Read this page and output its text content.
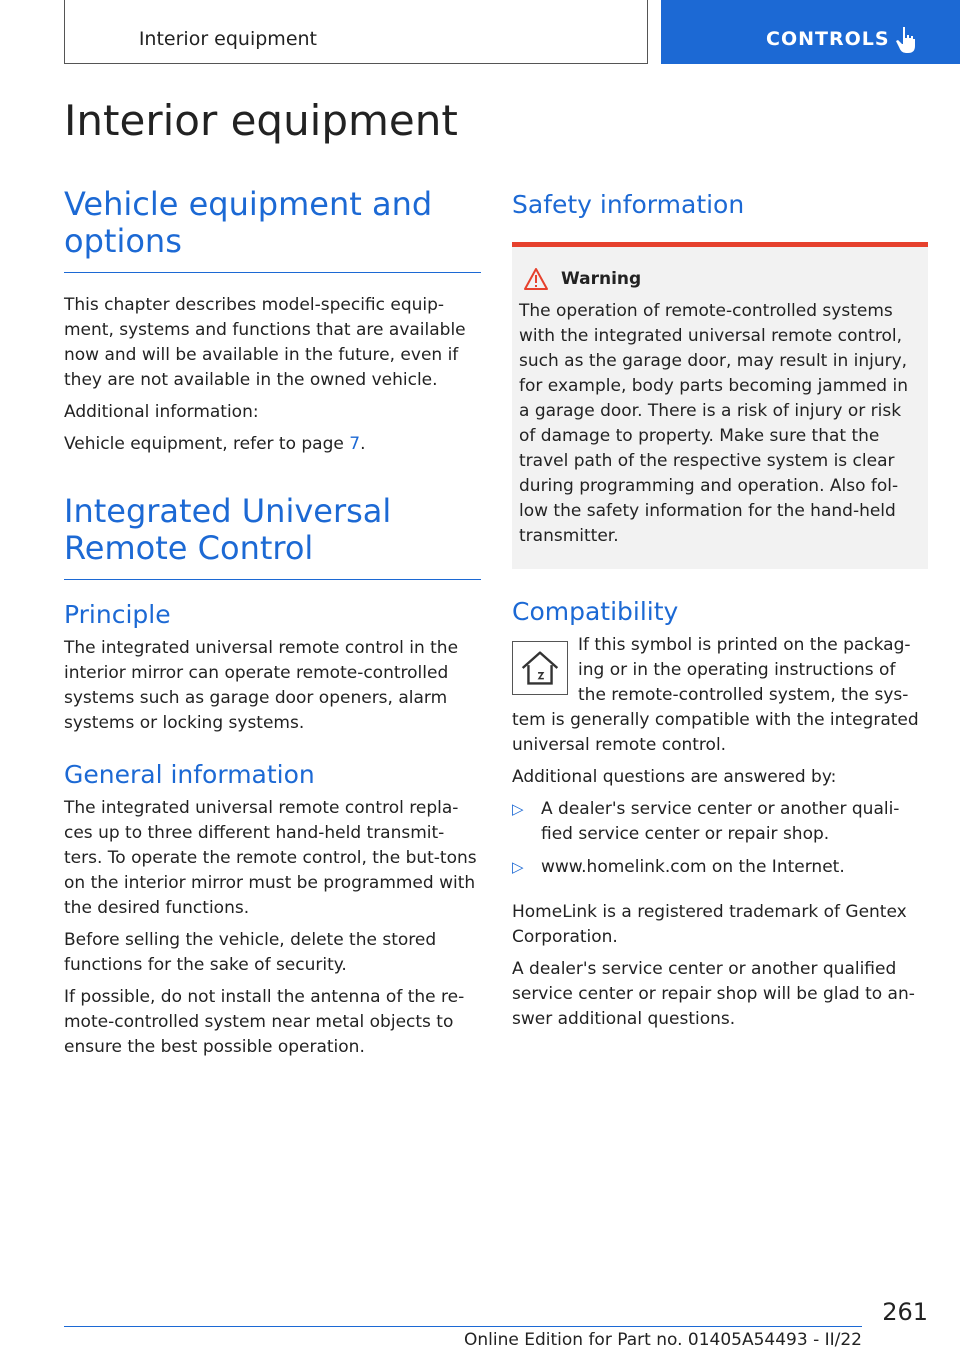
Interior equipment	CONTROLS
Interior equipment
Vehicle equipment and
options

This chapter describes model-specific equip-ment, systems and functions that are available now and will be available in the future, even if they are not available in the owned vehicle.

Additional information:

Vehicle equipment, refer to page 7.

Integrated Universal
Remote Control
Principle

The integrated universal remote control in the interior mirror can operate remote-controlled systems such as garage door openers, alarm systems or locking systems.

General information

The integrated universal remote control repla-ces up to three different hand-held transmit-ters. To operate the remote control, the but-tons on the interior mirror must be programmed with the desired functions.

Before selling the vehicle, delete the stored functions for the sake of security.

If possible, do not install the antenna of the re-mote-controlled system near metal objects to ensure the best possible operation.

Safety information
Warning

The operation of remote-controlled systems with the integrated universal remote control, such as the garage door, may result in injury, for example, body parts becoming jammed in a garage door. There is a risk of injury or risk of damage to property. Make sure that the travel path of the respective system is clear during programming and operation. Also fol-low the safety information for the hand-held transmitter.

Compatibility

If this symbol is printed on the packag-ing or in the operating instructions of the remote-controlled system, the sys-tem is generally compatible with the integrated universal remote control.

Additional questions are answered by:

▷ A dealer's service center or another quali-fied service center or repair shop.
▷ www.homelink.com on the Internet.

HomeLink is a registered trademark of Gentex Corporation.

A dealer's service center or another qualified service center or repair shop will be glad to an-swer additional questions.

261
Online Edition for Part no. 01405A54493 - II/22
